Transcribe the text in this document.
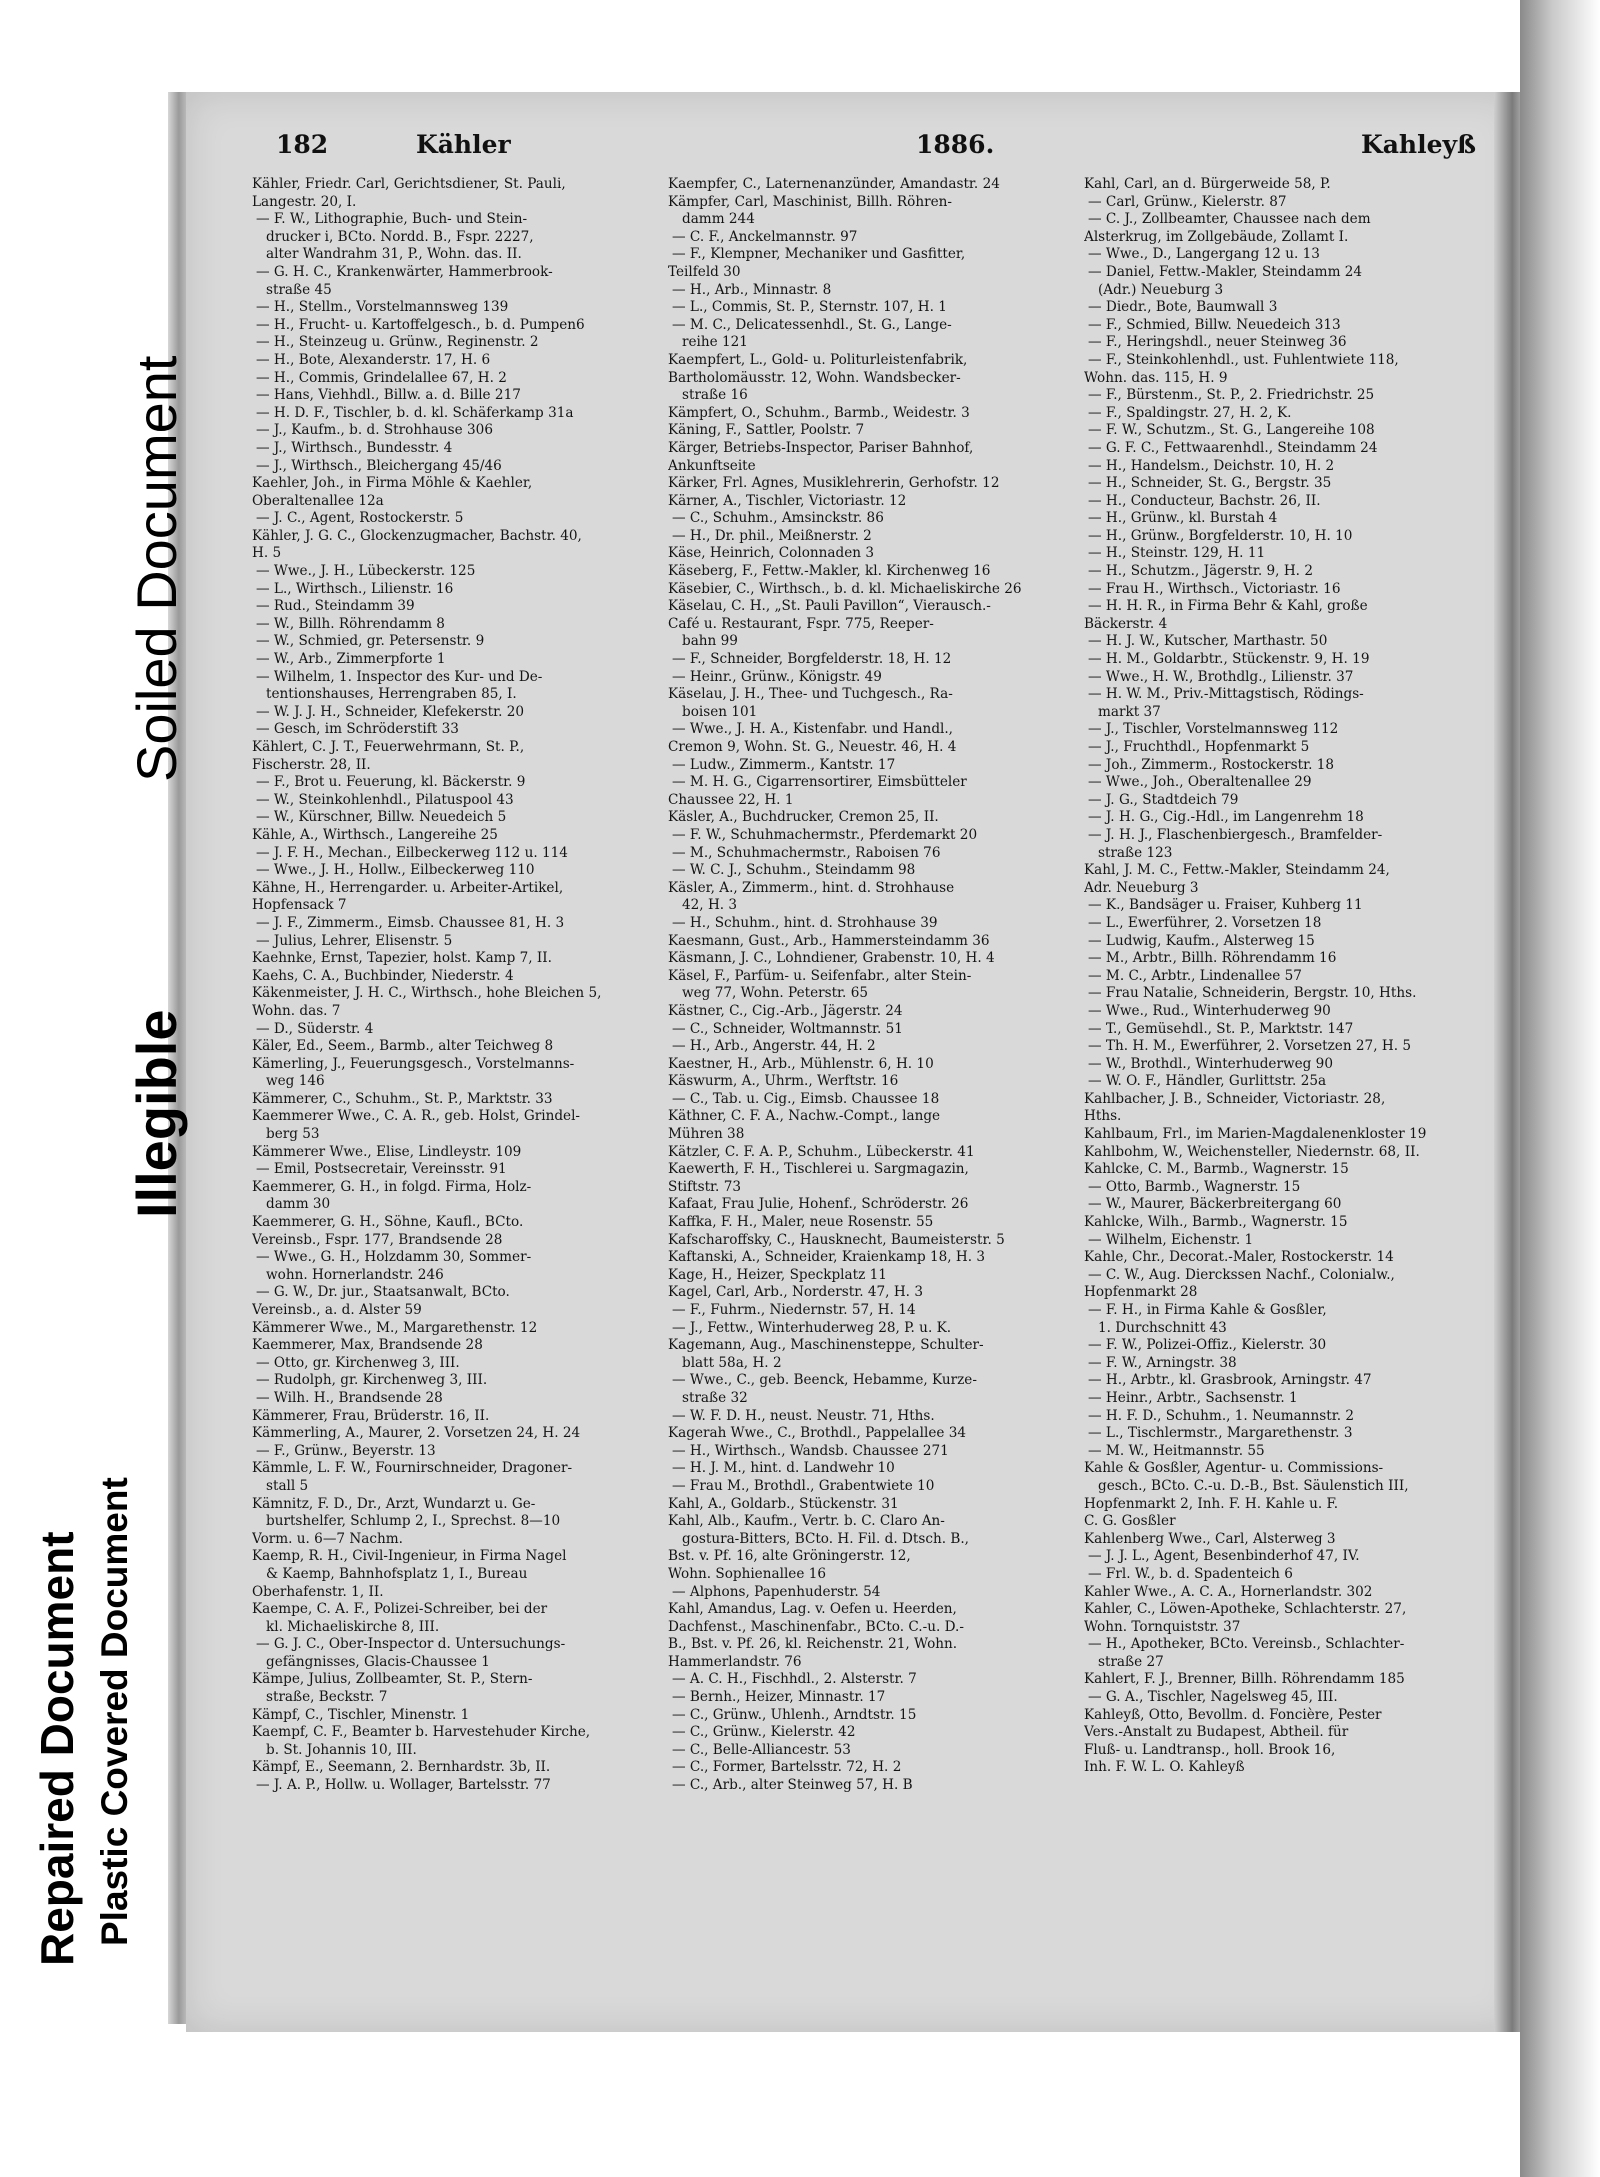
182	Kähler	1886.	Kahleyß
Kähler, Friedr. Carl, Gerichtsdiener, St. Pauli,
Langestr. 20, I.
— F. W., Lithographie, Buch- und Stein-
drucker i, BCto. Nordd. B., Fspr. 2227,
alter Wandrahm 31, P., Wohn. das. II.
— G. H. C., Krankenwärter, Hammerbrook-
straße 45
— H., Stellm., Vorstelmannsweg 139
— H., Frucht- u. Kartoffelgesch., b. d. Pumpen6
— H., Steinzeug u. Grünw., Reginenstr. 2
— H., Bote, Alexanderstr. 17, H. 6
— H., Commis, Grindelallee 67, H. 2
— Hans, Viehhdl., Billw. a. d. Bille 217
— H. D. F., Tischler, b. d. kl. Schäferkamp 31a
— J., Kaufm., b. d. Strohhause 306
— J., Wirthsch., Bundesstr. 4
— J., Wirthsch., Bleichergang 45/46
Kaehler, Joh., in Firma Möhle & Kaehler,
Oberaltenallee 12a
— J. C., Agent, Rostockerstr. 5
Kähler, J. G. C., Glockenzugmacher, Bachstr. 40,
H. 5
— Wwe., J. H., Lübeckerstr. 125
— L., Wirthsch., Lilienstr. 16
— Rud., Steindamm 39
— W., Billh. Röhrendamm 8
— W., Schmied, gr. Petersenstr. 9
— W., Arb., Zimmerpforte 1
— Wilhelm, 1. Inspector des Kur- und De-
tentionshauses, Herrengraben 85, I.
— W. J. J. H., Schneider, Klefekerstr. 20
— Gesch, im Schröderstift 33
Kählert, C. J. T., Feuerwehrmann, St. P.,
Fischerstr. 28, II.
— F., Brot u. Feuerung, kl. Bäckerstr. 9
— W., Steinkohlenhdl., Pilatuspool 43
— W., Kürschner, Billw. Neuedeich 5
Kähle, A., Wirthsch., Langereihe 25
— J. F. H., Mechan., Eilbeckerweg 112 u. 114
— Wwe., J. H., Hollw., Eilbeckerweg 110
Kähne, H., Herrengarder. u. Arbeiter-Artikel,
Hopfensack 7
— J. F., Zimmerm., Eimsb. Chaussee 81, H. 3
— Julius, Lehrer, Elisenstr. 5
Kaehnke, Ernst, Tapezier, holst. Kamp 7, II.
Kaehs, C. A., Buchbinder, Niederstr. 4
Käkenmeister, J. H. C., Wirthsch., hohe Bleichen 5,
Wohn. das. 7
— D., Süderstr. 4
Käler, Ed., Seem., Barmb., alter Teichweg 8
Kämerling, J., Feuerungsgesch., Vorstelmanns-
weg 146
Kämmerer, C., Schuhm., St. P., Marktstr. 33
Kaemmerer Wwe., C. A. R., geb. Holst, Grindel-
berg 53
Kämmerer Wwe., Elise, Lindleystr. 109
— Emil, Postsecretair, Vereinsstr. 91
Kaemmerer, G. H., in folgd. Firma, Holz-
damm 30
Kaemmerer, G. H., Söhne, Kaufl., BCto.
Vereinsb., Fspr. 177, Brandsende 28
— Wwe., G. H., Holzdamm 30, Sommer-
wohn. Hornerlandstr. 246
— G. W., Dr. jur., Staatsanwalt, BCto.
Vereinsb., a. d. Alster 59
Kämmerer Wwe., M., Margarethenstr. 12
Kaemmerer, Max, Brandsende 28
— Otto, gr. Kirchenweg 3, III.
— Rudolph, gr. Kirchenweg 3, III.
— Wilh. H., Brandsende 28
Kämmerer, Frau, Brüderstr. 16, II.
Kämmerling, A., Maurer, 2. Vorsetzen 24, H. 24
— F., Grünw., Beyerstr. 13
Kämmle, L. F. W., Fournirschneider, Dragoner-
stall 5
Kämnitz, F. D., Dr., Arzt, Wundarzt u. Ge-
burtshelfer, Schlump 2, I., Sprechst. 8—10
Vorm. u. 6—7 Nachm.
Kaemp, R. H., Civil-Ingenieur, in Firma Nagel
& Kaemp, Bahnhofsplatz 1, I., Bureau
Oberhafenstr. 1, II.
Kaempe, C. A. F., Polizei-Schreiber, bei der
kl. Michaeliskirche 8, III.
— G. J. C., Ober-Inspector d. Untersuchungs-
gefängnisses, Glacis-Chaussee 1
Kämpe, Julius, Zollbeamter, St. P., Stern-
straße, Beckstr. 7
Kämpf, C., Tischler, Minenstr. 1
Kaempf, C. F., Beamter b. Harvestehuder Kirche,
b. St. Johannis 10, III.
Kämpf, E., Seemann, 2. Bernhardstr. 3b, II.
— J. A. P., Hollw. u. Wollager, Bartelsstr. 77
Kaempfer, C., Laternenanzünder, Amandastr. 24
Kämpfer, Carl, Maschinist, Billh. Röhren-
damm 244
— C. F., Anckelmannstr. 97
— F., Klempner, Mechaniker und Gasfitter,
Teilfeld 30
— H., Arb., Minnastr. 8
— L., Commis, St. P., Sternstr. 107, H. 1
— M. C., Delicatessenhdl., St. G., Lange-
reihe 121
Kaempfert, L., Gold- u. Politurleistenfabrik,
Bartholomäusstr. 12, Wohn. Wandsbecker-
straße 16
Kämpfert, O., Schuhm., Barmb., Weidestr. 3
Käning, F., Sattler, Poolstr. 7
Kärger, Betriebs-Inspector, Pariser Bahnhof,
Ankunftseite
Kärker, Frl. Agnes, Musiklehrerin, Gerhofstr. 12
Kärner, A., Tischler, Victoriastr. 12
— C., Schuhm., Amsinckstr. 86
— H., Dr. phil., Meißnerstr. 2
Käse, Heinrich, Colonnaden 3
Käseberg, F., Fettw.-Makler, kl. Kirchenweg 16
Käsebier, C., Wirthsch., b. d. kl. Michaeliskirche 26
Käselau, C. H., „St. Pauli Pavillon“, Vierausch.-
Café u. Restaurant, Fspr. 775, Reeper-
bahn 99
— F., Schneider, Borgfelderstr. 18, H. 12
— Heinr., Grünw., Königstr. 49
Käselau, J. H., Thee- und Tuchgesch., Ra-
boisen 101
— Wwe., J. H. A., Kistenfabr. und Handl.,
Cremon 9, Wohn. St. G., Neuestr. 46, H. 4
— Ludw., Zimmerm., Kantstr. 17
— M. H. G., Cigarrensortirer, Eimsbütteler
Chaussee 22, H. 1
Käsler, A., Buchdrucker, Cremon 25, II.
— F. W., Schuhmachermstr., Pferdemarkt 20
— M., Schuhmachermstr., Raboisen 76
— W. C. J., Schuhm., Steindamm 98
Käsler, A., Zimmerm., hint. d. Strohhause
42, H. 3
— H., Schuhm., hint. d. Strohhause 39
Kaesmann, Gust., Arb., Hammersteindamm 36
Käsmann, J. C., Lohndiener, Grabenstr. 10, H. 4
Käsel, F., Parfüm- u. Seifenfabr., alter Stein-
weg 77, Wohn. Peterstr. 65
Kästner, C., Cig.-Arb., Jägerstr. 24
— C., Schneider, Woltmannstr. 51
— H., Arb., Angerstr. 44, H. 2
Kaestner, H., Arb., Mühlenstr. 6, H. 10
Käswurm, A., Uhrm., Werftstr. 16
— C., Tab. u. Cig., Eimsb. Chaussee 18
Käthner, C. F. A., Nachw.-Compt., lange
Mühren 38
Kätzler, C. F. A. P., Schuhm., Lübeckerstr. 41
Kaewerth, F. H., Tischlerei u. Sargmagazin,
Stiftstr. 73
Kafaat, Frau Julie, Hohenf., Schröderstr. 26
Kaffka, F. H., Maler, neue Rosenstr. 55
Kafscharoffsky, C., Hausknecht, Baumeisterstr. 5
Kaftanski, A., Schneider, Kraienkamp 18, H. 3
Kage, H., Heizer, Speckplatz 11
Kagel, Carl, Arb., Norderstr. 47, H. 3
— F., Fuhrm., Niedernstr. 57, H. 14
— J., Fettw., Winterhuderweg 28, P. u. K.
Kagemann, Aug., Maschinensteppe, Schulter-
blatt 58a, H. 2
— Wwe., C., geb. Beenck, Hebamme, Kurze-
straße 32
— W. F. D. H., neust. Neustr. 71, Hths.
Kagerah Wwe., C., Brothdl., Pappelallee 34
— H., Wirthsch., Wandsb. Chaussee 271
— H. J. M., hint. d. Landwehr 10
— Frau M., Brothdl., Grabentwiete 10
Kahl, A., Goldarb., Stückenstr. 31
Kahl, Alb., Kaufm., Vertr. b. C. Claro An-
gostura-Bitters, BCto. H. Fil. d. Dtsch. B.,
Bst. v. Pf. 16, alte Gröningerstr. 12,
Wohn. Sophienallee 16
— Alphons, Papenhuderstr. 54
Kahl, Amandus, Lag. v. Oefen u. Heerden,
Dachfenst., Maschinenfabr., BCto. C.-u. D.-
B., Bst. v. Pf. 26, kl. Reichenstr. 21, Wohn.
Hammerlandstr. 76
— A. C. H., Fischhdl., 2. Alsterstr. 7
— Bernh., Heizer, Minnastr. 17
— C., Grünw., Uhlenh., Arndtstr. 15
— C., Grünw., Kielerstr. 42
— C., Belle-Alliancestr. 53
— C., Former, Bartelsstr. 72, H. 2
— C., Arb., alter Steinweg 57, H. B
Kahl, Carl, an d. Bürgerweide 58, P.
— Carl, Grünw., Kielerstr. 87
— C. J., Zollbeamter, Chaussee nach dem
Alsterkrug, im Zollgebäude, Zollamt I.
— Wwe., D., Langergang 12 u. 13
— Daniel, Fettw.-Makler, Steindamm 24
(Adr.) Neueburg 3
— Diedr., Bote, Baumwall 3
— F., Schmied, Billw. Neuedeich 313
— F., Heringshdl., neuer Steinweg 36
— F., Steinkohlenhdl., ust. Fuhlentwiete 118,
Wohn. das. 115, H. 9
— F., Bürstenm., St. P., 2. Friedrichstr. 25
— F., Spaldingstr. 27, H. 2, K.
— F. W., Schutzm., St. G., Langereihe 108
— G. F. C., Fettwaarenhdl., Steindamm 24
— H., Handelsm., Deichstr. 10, H. 2
— H., Schneider, St. G., Bergstr. 35
— H., Conducteur, Bachstr. 26, II.
— H., Grünw., kl. Burstah 4
— H., Grünw., Borgfelderstr. 10, H. 10
— H., Steinstr. 129, H. 11
— H., Schutzm., Jägerstr. 9, H. 2
— Frau H., Wirthsch., Victoriastr. 16
— H. H. R., in Firma Behr & Kahl, große
Bäckerstr. 4
— H. J. W., Kutscher, Marthastr. 50
— H. M., Goldarbtr., Stückenstr. 9, H. 19
— Wwe., H. W., Brothdlg., Lilienstr. 37
— H. W. M., Priv.-Mittagstisch, Rödings-
markt 37
— J., Tischler, Vorstelmannsweg 112
— J., Fruchthdl., Hopfenmarkt 5
— Joh., Zimmerm., Rostockerstr. 18
— Wwe., Joh., Oberaltenallee 29
— J. G., Stadtdeich 79
— J. H. G., Cig.-Hdl., im Langenrehm 18
— J. H. J., Flaschenbiergesch., Bramfelder-
straße 123
Kahl, J. M. C., Fettw.-Makler, Steindamm 24,
Adr. Neueburg 3
— K., Bandsäger u. Fraiser, Kuhberg 11
— L., Ewerführer, 2. Vorsetzen 18
— Ludwig, Kaufm., Alsterweg 15
— M., Arbtr., Billh. Röhrendamm 16
— M. C., Arbtr., Lindenallee 57
— Frau Natalie, Schneiderin, Bergstr. 10, Hths.
— Wwe., Rud., Winterhuderweg 90
— T., Gemüsehdl., St. P., Marktstr. 147
— Th. H. M., Ewerführer, 2. Vorsetzen 27, H. 5
— W., Brothdl., Winterhuderweg 90
— W. O. F., Händler, Gurlittstr. 25a
Kahlbacher, J. B., Schneider, Victoriastr. 28,
Hths.
Kahlbaum, Frl., im Marien-Magdalenenkloster 19
Kahlbohm, W., Weichensteller, Niedernstr. 68, II.
Kahlcke, C. M., Barmb., Wagnerstr. 15
— Otto, Barmb., Wagnerstr. 15
— W., Maurer, Bäckerbreitergang 60
Kahlcke, Wilh., Barmb., Wagnerstr. 15
— Wilhelm, Eichenstr. 1
Kahle, Chr., Decorat.-Maler, Rostockerstr. 14
— C. W., Aug. Dierckssen Nachf., Colonialw.,
Hopfenmarkt 28
— F. H., in Firma Kahle & Gosßler,
1. Durchschnitt 43
— F. W., Polizei-Offiz., Kielerstr. 30
— F. W., Arningstr. 38
— H., Arbtr., kl. Grasbrook, Arningstr. 47
— Heinr., Arbtr., Sachsenstr. 1
— H. F. D., Schuhm., 1. Neumannstr. 2
— L., Tischlermstr., Margarethenstr. 3
— M. W., Heitmannstr. 55
Kahle & Gosßler, Agentur- u. Commissions-
gesch., BCto. C.-u. D.-B., Bst. Säulenstich III,
Hopfenmarkt 2, Inh. F. H. Kahle u. F.
C. G. Gosßler
Kahlenberg Wwe., Carl, Alsterweg 3
— J. J. L., Agent, Besenbinderhof 47, IV.
— Frl. W., b. d. Spadenteich 6
Kahler Wwe., A. C. A., Hornerlandstr. 302
Kahler, C., Löwen-Apotheke, Schlachterstr. 27,
Wohn. Tornquiststr. 37
— H., Apotheker, BCto. Vereinsb., Schlachter-
straße 27
Kahlert, F. J., Brenner, Billh. Röhrendamm 185
— G. A., Tischler, Nagelsweg 45, III.
Kahleyß, Otto, Bevollm. d. Foncière, Pester
Vers.-Anstalt zu Budapest, Abtheil. für
Fluß- u. Landtransp., holl. Brook 16,
Inh. F. W. L. O. Kahleyß
Soiled Document
Illegible
Repaired Document Plastic Covered Document
